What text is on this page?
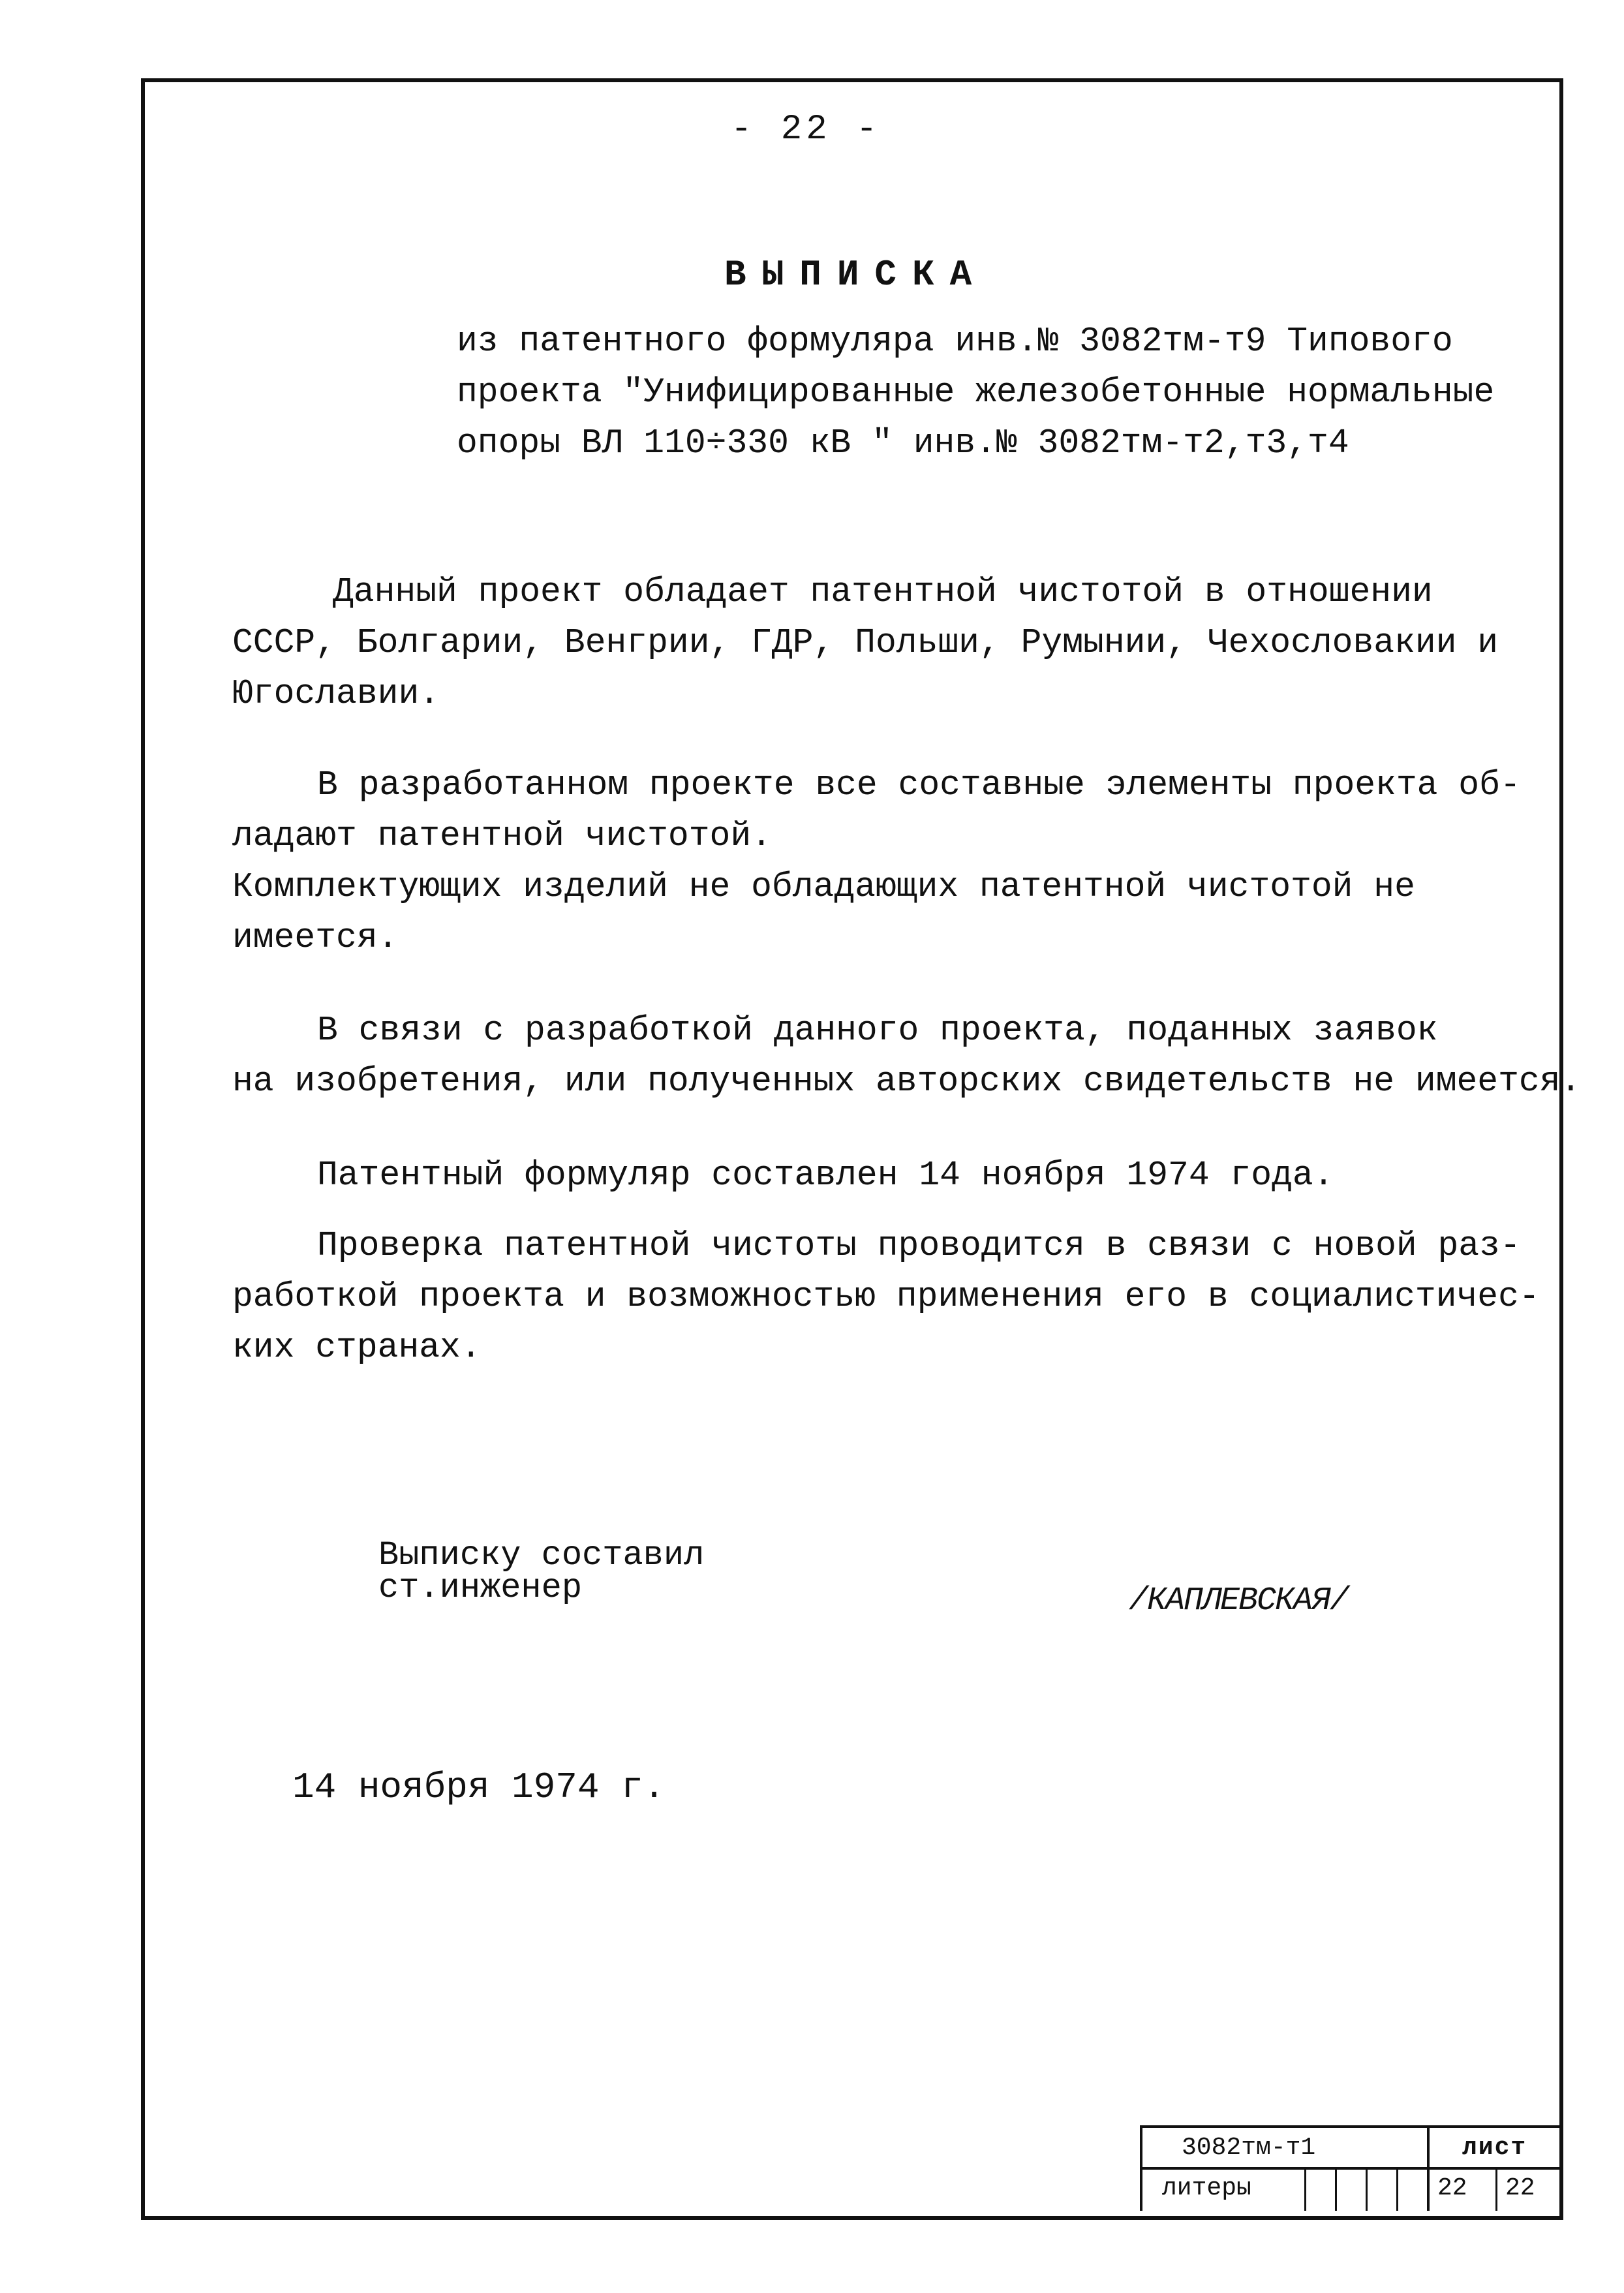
- 22 -
ВЫПИСКА
из патентного формуляра инв.№ 3082тм-т9 Типового
проекта "Унифицированные железобетонные нормальные
опоры ВЛ 110÷330 кВ " инв.№ 3082тм-т2,т3,т4
Данный проект обладает патентной чистотой в отношении
СССР, Болгарии, Венгрии, ГДР, Польши, Румынии, Чехословакии и
Югославии.
В разработанном проекте все составные элементы проекта об-
ладают патентной чистотой.
Комплектующих изделий не обладающих патентной чистотой не
имеется.
В связи с разработкой данного проекта, поданных заявок
на изобретения, или полученных авторских свидетельств не имеется.
Патентный формуляр составлен 14 ноября 1974 года.
Проверка патентной чистоты проводится в связи с новой раз-
работкой проекта и возможностью применения его в социалистичес-
ких странах.
Выписку составил
ст.инженер	/КАПЛЕВСКАЯ/
14 ноября 1974 г.
3082тм-т1
литеры
лист
22 22
